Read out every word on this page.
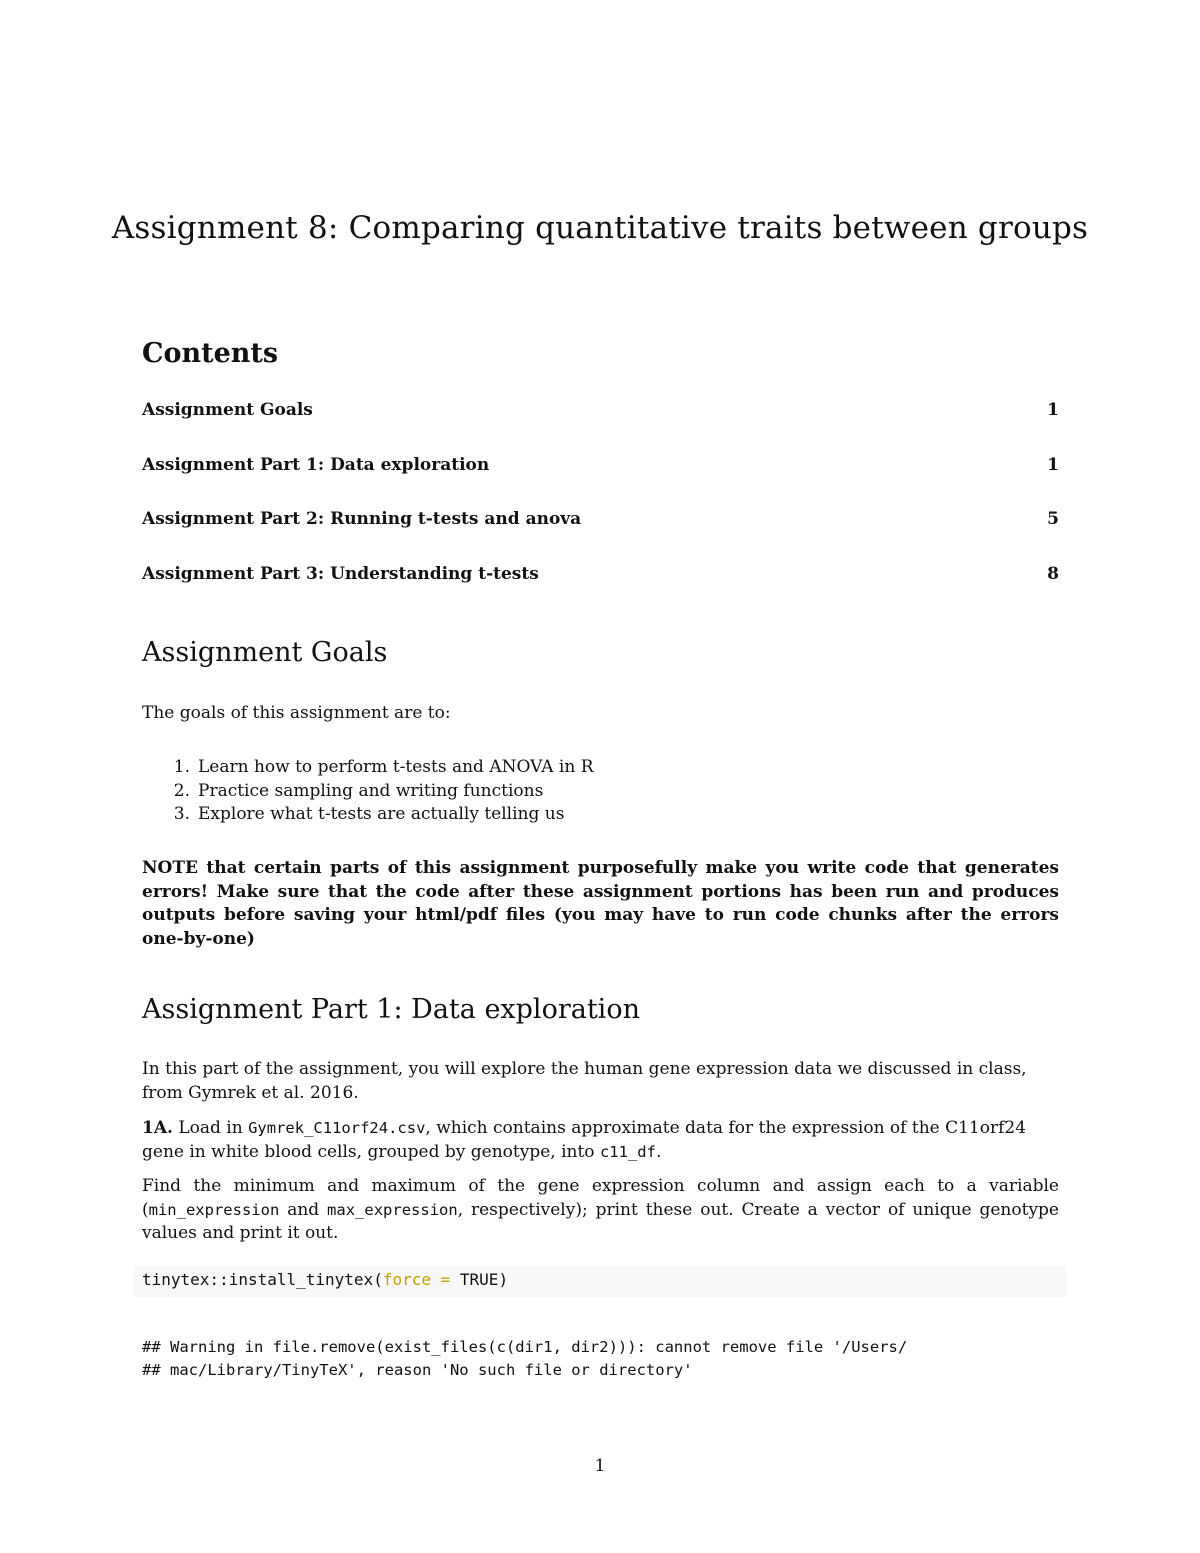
Assignment 8: Comparing quantitative traits between groups
Contents
Assignment Goals	1
Assignment Part 1: Data exploration	1
Assignment Part 2: Running t-tests and anova	5
Assignment Part 3: Understanding t-tests	8
Assignment Goals

The goals of this assignment are to:

1. Learn how to perform t-tests and ANOVA in R
2. Practice sampling and writing functions
3. Explore what t-tests are actually telling us

NOTE that certain parts of this assignment purposefully make you write code that generates errors! Make sure that the code after these assignment portions has been run and produces outputs before saving your html/pdf files (you may have to run code chunks after the errors one-by-one)

Assignment Part 1: Data exploration

In this part of the assignment, you will explore the human gene expression data we discussed in class, from Gymrek et al. 2016.

1A. Load in Gymrek_C11orf24.csv, which contains approximate data for the expression of the C11orf24 gene in white blood cells, grouped by genotype, into c11_df.

Find the minimum and maximum of the gene expression column and assign each to a variable (min_expression and max_expression, respectively); print these out. Create a vector of unique genotype values and print it out.

tinytex::install_tinytex(force = TRUE)
## Warning in file.remove(exist_files(c(dir1, dir2))): cannot remove file '/Users/
## mac/Library/TinyTeX', reason 'No such file or directory'
1
